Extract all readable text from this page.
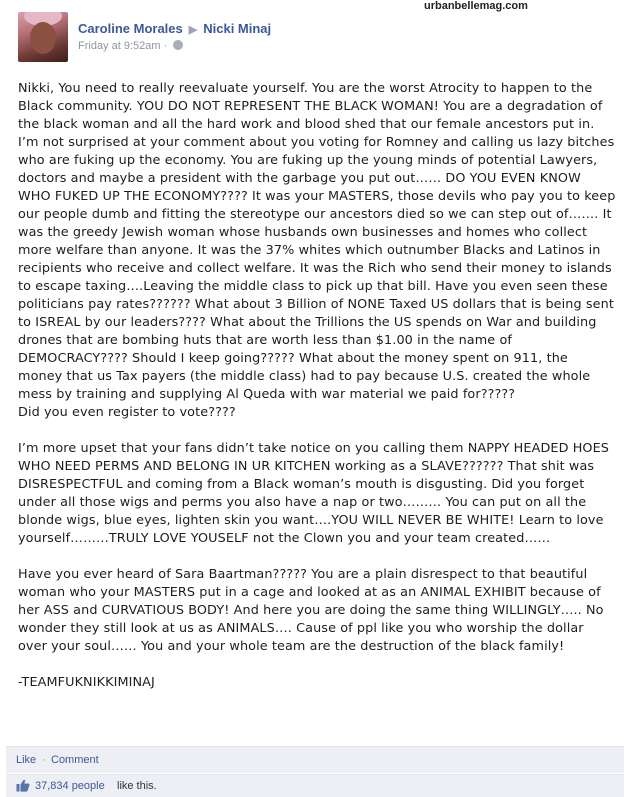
urbanbellemag.com
Caroline Morales ▶ Nicki Minaj
Friday at 9:52am ·

Nikki, You need to really reevaluate yourself. You are the worst Atrocity to happen to the Black community. YOU DO NOT REPRESENT THE BLACK WOMAN! You are a degradation of the black woman and all the hard work and blood shed that our female ancestors put in. I’m not surprised at your comment about you voting for Romney and calling us lazy bitches who are fuking up the economy. You are fuking up the young minds of potential Lawyers, doctors and maybe a president with the garbage you put out…… DO YOU EVEN KNOW WHO FUKED UP THE ECONOMY???? It was your MASTERS, those devils who pay you to keep our people dumb and fitting the stereotype our ancestors died so we can step out of……. It was the greedy Jewish woman whose husbands own businesses and homes who collect more welfare than anyone. It was the 37% whites which outnumber Blacks and Latinos in recipients who receive and collect welfare. It was the Rich who send their money to islands to escape taxing….Leaving the middle class to pick up that bill. Have you even seen these politicians pay rates?????? What about 3 Billion of NONE Taxed US dollars that is being sent to ISREAL by our leaders???? What about the Trillions the US spends on War and building drones that are bombing huts that are worth less than $1.00 in the name of DEMOCRACY???? Should I keep going????? What about the money spent on 911, the money that us Tax payers (the middle class) had to pay because U.S. created the whole mess by training and supplying Al Queda with war material we paid for?????

Did you even register to vote????

I’m more upset that your fans didn’t take notice on you calling them NAPPY HEADED HOES WHO NEED PERMS AND BELONG IN UR KITCHEN working as a SLAVE?????? That shit was DISRESPECTFUL and coming from a Black woman’s mouth is disgusting. Did you forget under all those wigs and perms you also have a nap or two……… You can put on all the blonde wigs, blue eyes, lighten skin you want….YOU WILL NEVER BE WHITE! Learn to love yourself………TRULY LOVE YOUSELF not the Clown you and your team created……

Have you ever heard of Sara Baartman????? You are a plain disrespect to that beautiful woman who your MASTERS put in a cage and looked at as an ANIMAL EXHIBIT because of her ASS and CURVATIOUS BODY! And here you are doing the same thing WILLINGLY….. No wonder they still look at us as ANIMALS…. Cause of ppl like you who worship the dollar over your soul…… You and your whole team are the destruction of the black family!

-TEAMFUKNIKKIMINAJ

Like · Comment
37,834 people like this.
